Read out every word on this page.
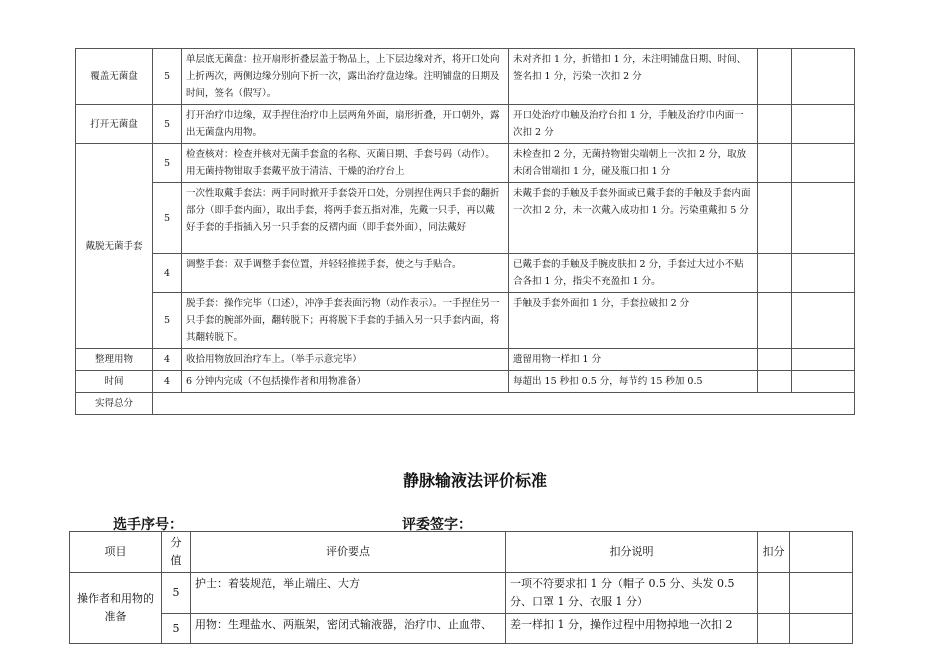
覆盖无菌盘	5	单层底无菌盘：拉开扇形折叠层盖于物品上，上下层边缘对齐，将开口处向上折两次，两侧边缘分别向下折一次，露出治疗盘边缘。注明铺盘的日期及时间，签名（假写）。	未对齐扣 1 分，折错扣 1 分，未注明铺盘日期、时间、签名扣 1 分，污染一次扣 2 分		
打开无菌盘	5	打开治疗巾边缘，双手捏住治疗巾上层两角外面，扇形折叠，开口朝外，露出无菌盘内用物。	开口处治疗巾触及治疗台扣 1 分，手触及治疗巾内面一次扣 2 分		
戴脱无菌手套	5	检查核对：检查并核对无菌手套盒的名称、灭菌日期、手套号码（动作）。用无菌持物钳取手套戴平放于清洁、干燥的治疗台上	未检查扣 2 分，无菌持物钳尖端朝上一次扣 2 分，取放未闭合钳端扣 1 分，碰及瓶口扣 1 分		
	5	一次性取戴手套法：两手同时掀开手套袋开口处，分别捏住两只手套的翻折部分（即手套内面），取出手套，将两手套五指对准，先戴一只手，再以戴好手套的手指插入另一只手套的反褶内面（即手套外面），同法戴好	未戴手套的手触及手套外面或已戴手套的手触及手套内面一次扣 2 分，未一次戴入成功扣 1 分。污染重戴扣 5 分		
	4	调整手套：双手调整手套位置，并轻轻推搓手套，使之与手贴合。	已戴手套的手触及手腕皮肤扣 2 分，手套过大过小不贴合各扣 1 分，指尖不充盈扣 1 分。		
	5	脱手套：操作完毕（口述），冲净手套表面污物（动作表示）。一手捏住另一只手套的腕部外面，翻转脱下；再将脱下手套的手插入另一只手套内面，将其翻转脱下。	手触及手套外面扣 1 分，手套拉破扣 2 分		
整理用物	4	收拾用物放回治疗车上。（举手示意完毕）	遗留用物一样扣 1 分		
时间	4	6 分钟内完成（不包括操作者和用物准备）	每超出 15 秒扣 0.5 分，每节约 15 秒加 0.5		
实得总分					
静脉输液法评价标准
选手序号：	评委签字：
项目	分值	评价要点	扣分说明	扣分	
操作者和用物的准备	5	护士：着装规范，举止端庄、大方	一项不符要求扣 1 分（帽子 0.5 分、头发 0.5 分、口罩 1 分、衣服 1 分）		
	5	用物：生理盐水、两瓶架，密闭式输液器，治疗巾、止血带、	差一样扣 1 分，操作过程中用物掉地一次扣 2		
